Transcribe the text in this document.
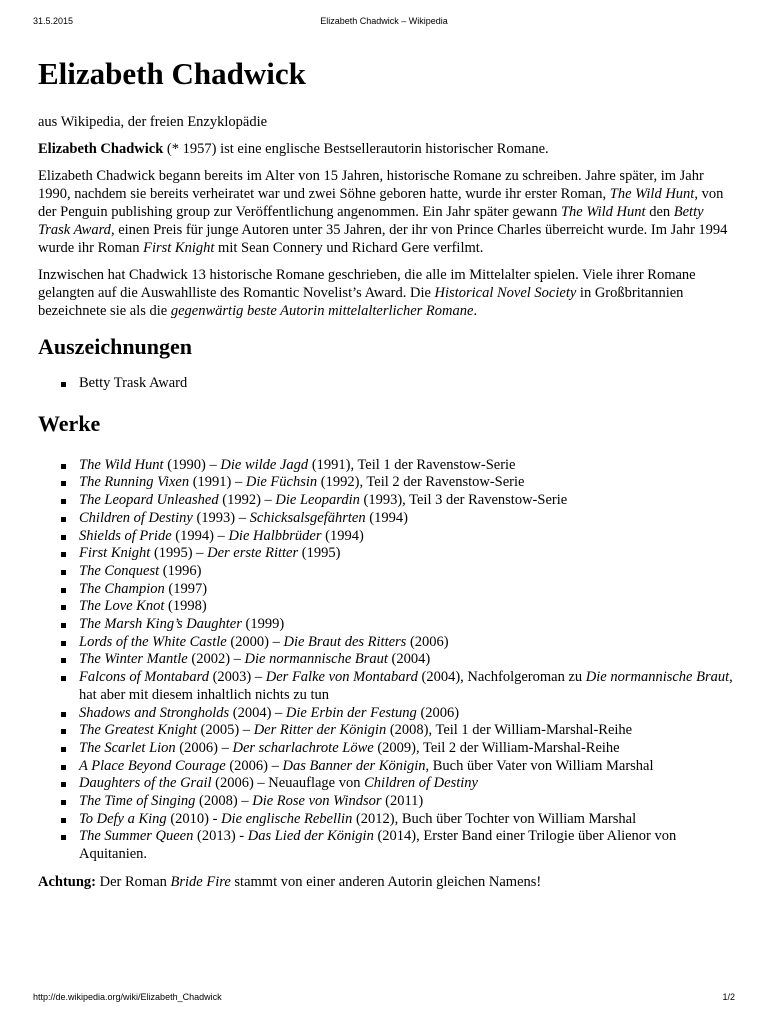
31.5.2015	Elizabeth Chadwick – Wikipedia
Elizabeth Chadwick
aus Wikipedia, der freien Enzyklopädie

Elizabeth Chadwick (* 1957) ist eine englische Bestsellerautorin historischer Romane.

Elizabeth Chadwick begann bereits im Alter von 15 Jahren, historische Romane zu schreiben. Jahre später, im Jahr 1990, nachdem sie bereits verheiratet war und zwei Söhne geboren hatte, wurde ihr erster Roman, The Wild Hunt, von der Penguin publishing group zur Veröffentlichung angenommen. Ein Jahr später gewann The Wild Hunt den Betty Trask Award, einen Preis für junge Autoren unter 35 Jahren, der ihr von Prince Charles überreicht wurde. Im Jahr 1994 wurde ihr Roman First Knight mit Sean Connery und Richard Gere verfilmt.

Inzwischen hat Chadwick 13 historische Romane geschrieben, die alle im Mittelalter spielen. Viele ihrer Romane gelangten auf die Auswahlliste des Romantic Novelist’s Award. Die Historical Novel Society in Großbritannien bezeichnete sie als die gegenwärtig beste Autorin mittelalterlicher Romane.

Auszeichnungen
Betty Trask Award
Werke
The Wild Hunt (1990) – Die wilde Jagd (1991), Teil 1 der Ravenstow-Serie
The Running Vixen (1991) – Die Füchsin (1992), Teil 2 der Ravenstow-Serie
The Leopard Unleashed (1992) – Die Leopardin (1993), Teil 3 der Ravenstow-Serie
Children of Destiny (1993) – Schicksalsgefährten (1994)
Shields of Pride (1994) – Die Halbbrüder (1994)
First Knight (1995) – Der erste Ritter (1995)
The Conquest (1996)
The Champion (1997)
The Love Knot (1998)
The Marsh King’s Daughter (1999)
Lords of the White Castle (2000) – Die Braut des Ritters (2006)
The Winter Mantle (2002) – Die normannische Braut (2004)
Falcons of Montabard (2003) – Der Falke von Montabard (2004), Nachfolgeroman zu Die normannische Braut, hat aber mit diesem inhaltlich nichts zu tun
Shadows and Strongholds (2004) – Die Erbin der Festung (2006)
The Greatest Knight (2005) – Der Ritter der Königin (2008), Teil 1 der William-Marshal-Reihe
The Scarlet Lion (2006) – Der scharlachrote Löwe (2009), Teil 2 der William-Marshal-Reihe
A Place Beyond Courage (2006) – Das Banner der Königin, Buch über Vater von William Marshal
Daughters of the Grail (2006) – Neuauflage von Children of Destiny
The Time of Singing (2008) – Die Rose von Windsor (2011)
To Defy a King (2010) - Die englische Rebellin (2012), Buch über Tochter von William Marshal
The Summer Queen (2013) - Das Lied der Königin (2014), Erster Band einer Trilogie über Alienor von Aquitanien.

Achtung: Der Roman Bride Fire stammt von einer anderen Autorin gleichen Namens!

http://de.wikipedia.org/wiki/Elizabeth_Chadwick	1/2
